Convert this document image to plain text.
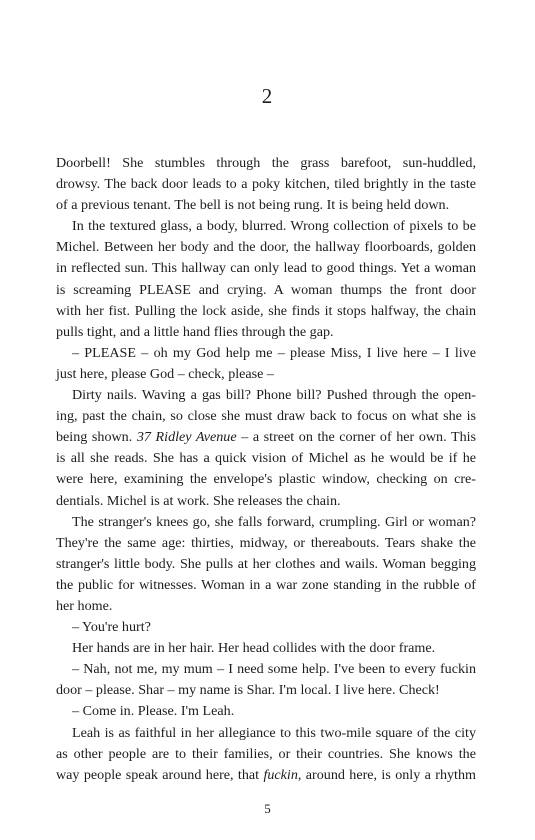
2
Doorbell! She stumbles through the grass barefoot, sun-huddled,
drowsy. The back door leads to a poky kitchen, tiled brightly in the taste
of a previous tenant. The bell is not being rung. It is being held down.
In the textured glass, a body, blurred. Wrong collection of pixels to be
Michel. Between her body and the door, the hallway floorboards, golden
in reflected sun. This hallway can only lead to good things. Yet a woman
is screaming PLEASE and crying. A woman thumps the front door
with her fist. Pulling the lock aside, she finds it stops halfway, the chain
pulls tight, and a little hand flies through the gap.
– PLEASE – oh my God help me – please Miss, I live here – I live
just here, please God – check, please –
Dirty nails. Waving a gas bill? Phone bill? Pushed through the open-
ing, past the chain, so close she must draw back to focus on what she is
being shown. 37 Ridley Avenue – a street on the corner of her own. This
is all she reads. She has a quick vision of Michel as he would be if he
were here, examining the envelope's plastic window, checking on cre-
dentials. Michel is at work. She releases the chain.
The stranger's knees go, she falls forward, crumpling. Girl or woman?
They're the same age: thirties, midway, or thereabouts. Tears shake the
stranger's little body. She pulls at her clothes and wails. Woman begging
the public for witnesses. Woman in a war zone standing in the rubble of
her home.
– You're hurt?
Her hands are in her hair. Her head collides with the door frame.
– Nah, not me, my mum – I need some help. I've been to every fuckin
door – please. Shar – my name is Shar. I'm local. I live here. Check!
– Come in. Please. I'm Leah.
Leah is as faithful in her allegiance to this two-mile square of the city
as other people are to their families, or their countries. She knows the
way people speak around here, that fuckin, around here, is only a rhythm
5
